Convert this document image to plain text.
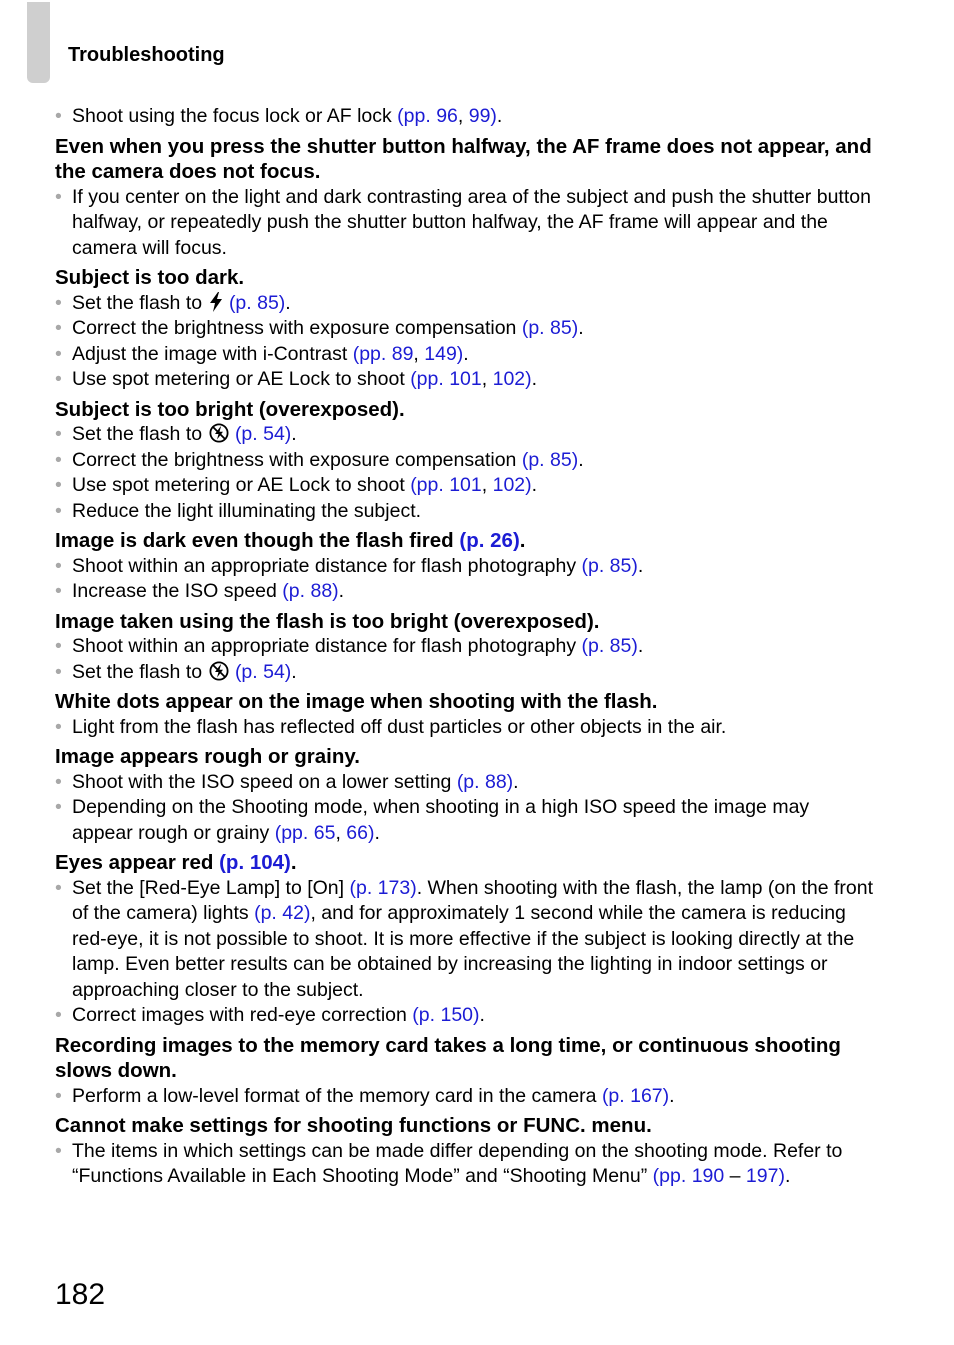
Troubleshooting
• Shoot using the focus lock or AF lock (pp. 96, 99).
Even when you press the shutter button halfway, the AF frame does not appear, and the camera does not focus.
• If you center on the light and dark contrasting area of the subject and push the shutter button halfway, or repeatedly push the shutter button halfway, the AF frame will appear and the camera will focus.
Subject is too dark.
• Set the flash to  (p. 85).
• Correct the brightness with exposure compensation (p. 85).
• Adjust the image with i-Contrast (pp. 89, 149).
• Use spot metering or AE Lock to shoot (pp. 101, 102).
Subject is too bright (overexposed).
• Set the flash to  (p. 54).
• Correct the brightness with exposure compensation (p. 85).
• Use spot metering or AE Lock to shoot (pp. 101, 102).
• Reduce the light illuminating the subject.
Image is dark even though the flash fired (p. 26).
• Shoot within an appropriate distance for flash photography (p. 85).
• Increase the ISO speed (p. 88).
Image taken using the flash is too bright (overexposed).
• Shoot within an appropriate distance for flash photography (p. 85).
• Set the flash to  (p. 54).
White dots appear on the image when shooting with the flash.
• Light from the flash has reflected off dust particles or other objects in the air.
Image appears rough or grainy.
• Shoot with the ISO speed on a lower setting (p. 88).
• Depending on the Shooting mode, when shooting in a high ISO speed the image may appear rough or grainy (pp. 65, 66).
Eyes appear red (p. 104).
• Set the [Red-Eye Lamp] to [On] (p. 173). When shooting with the flash, the lamp (on the front of the camera) lights (p. 42), and for approximately 1 second while the camera is reducing red-eye, it is not possible to shoot. It is more effective if the subject is looking directly at the lamp. Even better results can be obtained by increasing the lighting in indoor settings or approaching closer to the subject.
• Correct images with red-eye correction (p. 150).
Recording images to the memory card takes a long time, or continuous shooting slows down.
• Perform a low-level format of the memory card in the camera (p. 167).
Cannot make settings for shooting functions or FUNC. menu.
• The items in which settings can be made differ depending on the shooting mode. Refer to “Functions Available in Each Shooting Mode” and “Shooting Menu” (pp. 190 – 197).
182
